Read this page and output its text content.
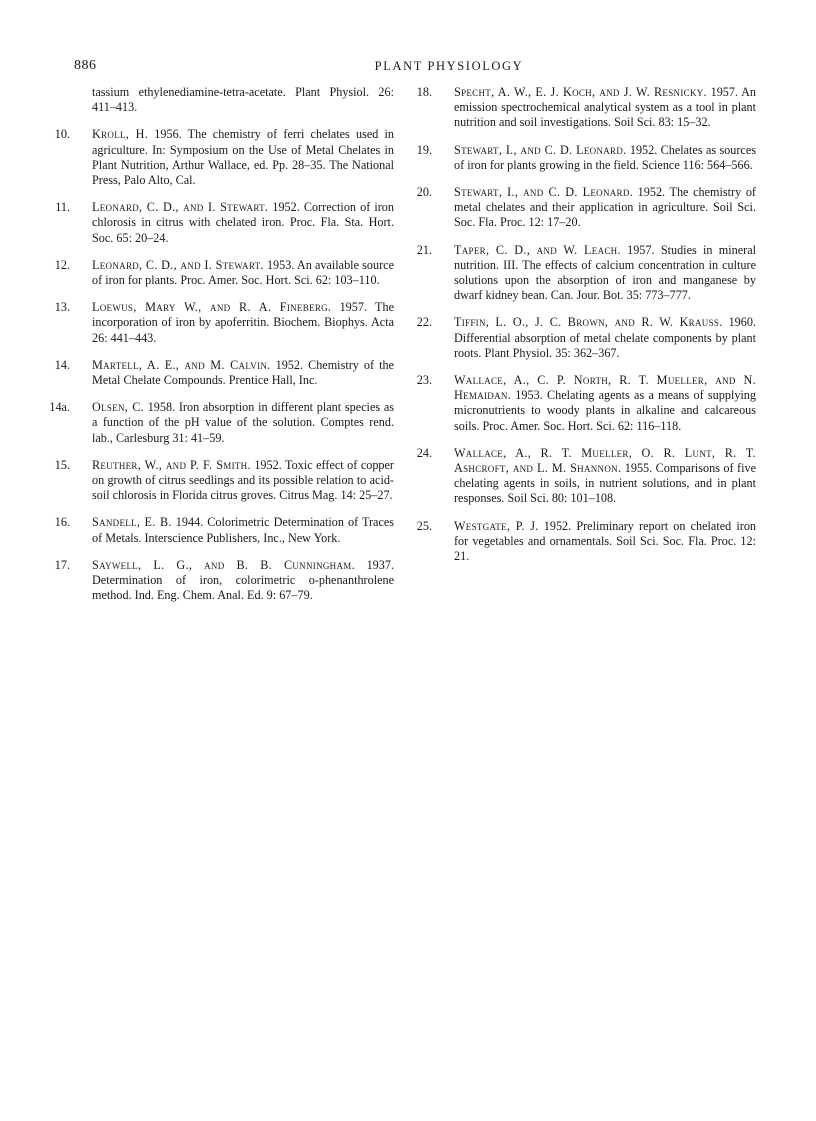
886	PLANT PHYSIOLOGY

tassium ethylenediamine-tetra-acetate. Plant Physiol. 26: 411–413.

10. Kroll, H. 1956. The chemistry of ferri chelates used in agriculture. In: Symposium on the Use of Metal Chelates in Plant Nutrition, Arthur Wallace, ed. Pp. 28–35. The National Press, Palo Alto, Cal.

11. Leonard, C. D., and I. Stewart. 1952. Correction of iron chlorosis in citrus with chelated iron. Proc. Fla. Sta. Hort. Soc. 65: 20–24.

12. Leonard, C. D., and I. Stewart. 1953. An available source of iron for plants. Proc. Amer. Soc. Hort. Sci. 62: 103–110.

13. Loewus, Mary W., and R. A. Fineberg. 1957. The incorporation of iron by apoferritin. Biochem. Biophys. Acta 26: 441–443.

14. Martell, A. E., and M. Calvin. 1952. Chemistry of the Metal Chelate Compounds. Prentice Hall, Inc.

14a. Olsen, C. 1958. Iron absorption in different plant species as a function of the pH value of the solution. Comptes rend. lab., Carlesburg 31: 41–59.

15. Reuther, W., and P. F. Smith. 1952. Toxic effect of copper on growth of citrus seedlings and its possible relation to acid-soil chlorosis in Florida citrus groves. Citrus Mag. 14: 25–27.

16. Sandell, E. B. 1944. Colorimetric Determination of Traces of Metals. Interscience Publishers, Inc., New York.

17. Saywell, L. G., and B. B. Cunningham. 1937. Determination of iron, colorimetric o-phenanthrolene method. Ind. Eng. Chem. Anal. Ed. 9: 67–79.

18. Specht, A. W., E. J. Koch, and J. W. Resnicky. 1957. An emission spectrochemical analytical system as a tool in plant nutrition and soil investigations. Soil Sci. 83: 15–32.

19. Stewart, I., and C. D. Leonard. 1952. Chelates as sources of iron for plants growing in the field. Science 116: 564–566.

20. Stewart, I., and C. D. Leonard. 1952. The chemistry of metal chelates and their application in agriculture. Soil Sci. Soc. Fla. Proc. 12: 17–20.

21. Taper, C. D., and W. Leach. 1957. Studies in mineral nutrition. III. The effects of calcium concentration in culture solutions upon the absorption of iron and manganese by dwarf kidney bean. Can. Jour. Bot. 35: 773–777.

22. Tiffin, L. O., J. C. Brown, and R. W. Krauss. 1960. Differential absorption of metal chelate components by plant roots. Plant Physiol. 35: 362–367.

23. Wallace, A., C. P. North, R. T. Mueller, and N. Hemaidan. 1953. Chelating agents as a means of supplying micronutrients to woody plants in alkaline and calcareous soils. Proc. Amer. Soc. Hort. Sci. 62: 116–118.

24. Wallace, A., R. T. Mueller, O. R. Lunt, R. T. Ashcroft, and L. M. Shannon. 1955. Comparisons of five chelating agents in soils, in nutrient solutions, and in plant responses. Soil Sci. 80: 101–108.

25. Westgate, P. J. 1952. Preliminary report on chelated iron for vegetables and ornamentals. Soil Sci. Soc. Fla. Proc. 12: 21.
